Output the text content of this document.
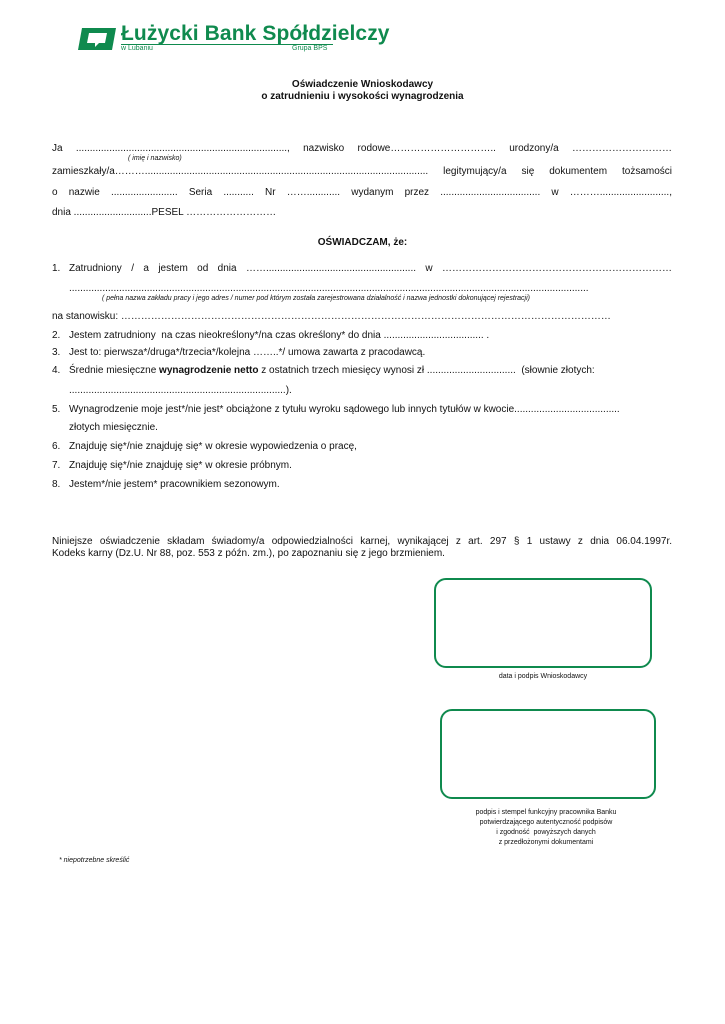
Łużycki Bank Spółdzielczy
w Lubaniu	Grupa BPS
Oświadczenie Wnioskodawcy
o zatrudnieniu i wysokości wynagrodzenia
Ja ............................................................................, nazwisko rodowe………………………….. urodzony/a …………………………
( imię i nazwisko)
zamieszkały/a………...................................................................................................... legitymujący/a się dokumentem tożsamości
o nazwie ........................ Seria ........... Nr ……............ wydanym przez .................................... w ……….........................,
dnia ............................PESEL ………………………
OŚWIADCZAM, że:
1. Zatrudniony / a jestem od dnia ……...................................................... w ……………………………………………………………
...........................................................................................................................................................................................
( pełna nazwa zakładu pracy i jego adres / numer pod którym została zarejestrowana działalność i nazwa jednostki dokonującej rejestracji)
na stanowisku: …………………………………………………………………………………………………………………………………
2. Jestem zatrudniony  na czas nieokreślony*/na czas określony* do dnia .................................... .
3. Jest to: pierwsza*/druga*/trzecia*/kolejna ……..*/ umowa zawarta z pracodawcą.
4. Średnie miesięczne wynagrodzenie netto z ostatnich trzech miesięcy wynosi zł ................................  (słownie złotych:
..............................................................................).
5. Wynagrodzenie moje jest*/nie jest* obciążone z tytułu wyroku sądowego lub innych tytułów w kwocie......................................
złotych miesięcznie.
6. Znajduję się*/nie znajduję się* w okresie wypowiedzenia o pracę,
7. Znajduję się*/nie znajduję się* w okresie próbnym.
8. Jestem*/nie jestem* pracownikiem sezonowym.
Niniejsze oświadczenie składam świadomy/a odpowiedzialności karnej, wynikającej z art. 297 § 1 ustawy z dnia 06.04.1997r.
Kodeks karny (Dz.U. Nr 88, poz. 553 z późn. zm.), po zapoznaniu się z jego brzmieniem.
data i podpis Wnioskodawcy
podpis i stempel funkcyjny pracownika Banku
potwierdzającego autentyczność podpisów
i zgodność  powyższych danych
z przedłożonymi dokumentami
* niepotrzebne skreślić
